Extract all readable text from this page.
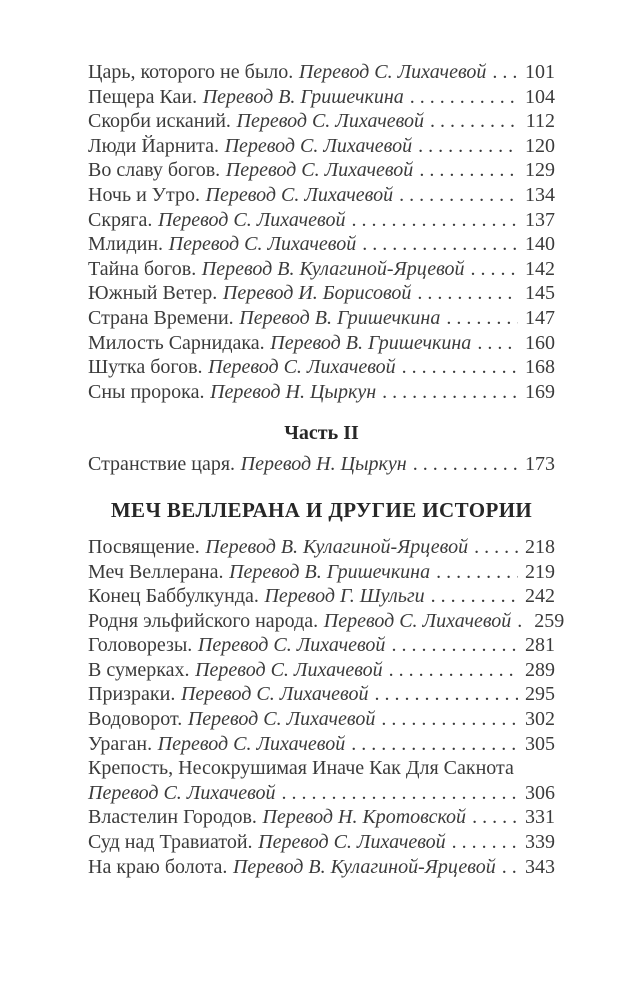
Царь, которого не было. Перевод С. Лихачевой . . . 101
Пещера Каи. Перевод В. Гришечкина . . .	104
Скорби исканий. Перевод С. Лихачевой . . .	112
Люди Йарнита. Перевод С. Лихачевой . . .	120
Во славу богов. Перевод С. Лихачевой . . .	129
Ночь и Утро. Перевод С. Лихачевой . . .	134
Скряга. Перевод С. Лихачевой . . .	137
Млидин. Перевод С. Лихачевой . . .	140
Тайна богов. Перевод В. Кулагиной-Ярцевой . . .	142
Южный Ветер. Перевод И. Борисовой . . .	145
Страна Времени. Перевод В. Гришечкина . . .	147
Милость Сарнидака. Перевод В. Гришечкина . . .	160
Шутка богов. Перевод С. Лихачевой . . .	168
Сны пророка. Перевод Н. Цыркун . . .	169
Часть II
Странствие царя. Перевод Н. Цыркун . . .	173
МЕЧ ВЕЛЛЕРАНА И ДРУГИЕ ИСТОРИИ
Посвящение. Перевод В. Кулагиной-Ярцевой . . .	218
Меч Веллерана. Перевод В. Гришечкина . . .	219
Конец Баббулкунда. Перевод Г. Шульги . . .	242
Родня эльфийского народа. Перевод С. Лихачевой . . . 259
Головорезы. Перевод С. Лихачевой . . .	281
В сумерках. Перевод С. Лихачевой . . .	289
Призраки. Перевод С. Лихачевой . . .	295
Водоворот. Перевод С. Лихачевой . . .	302
Ураган. Перевод С. Лихачевой . . .	305
Крепость, Несокрушимая Иначе Как Для Сакнота
Перевод С. Лихачевой . . .	306
Властелин Городов. Перевод Н. Кротовской . . .	331
Суд над Травиатой. Перевод С. Лихачевой . . .	339
На краю болота. Перевод В. Кулагиной-Ярцевой . . . 343
